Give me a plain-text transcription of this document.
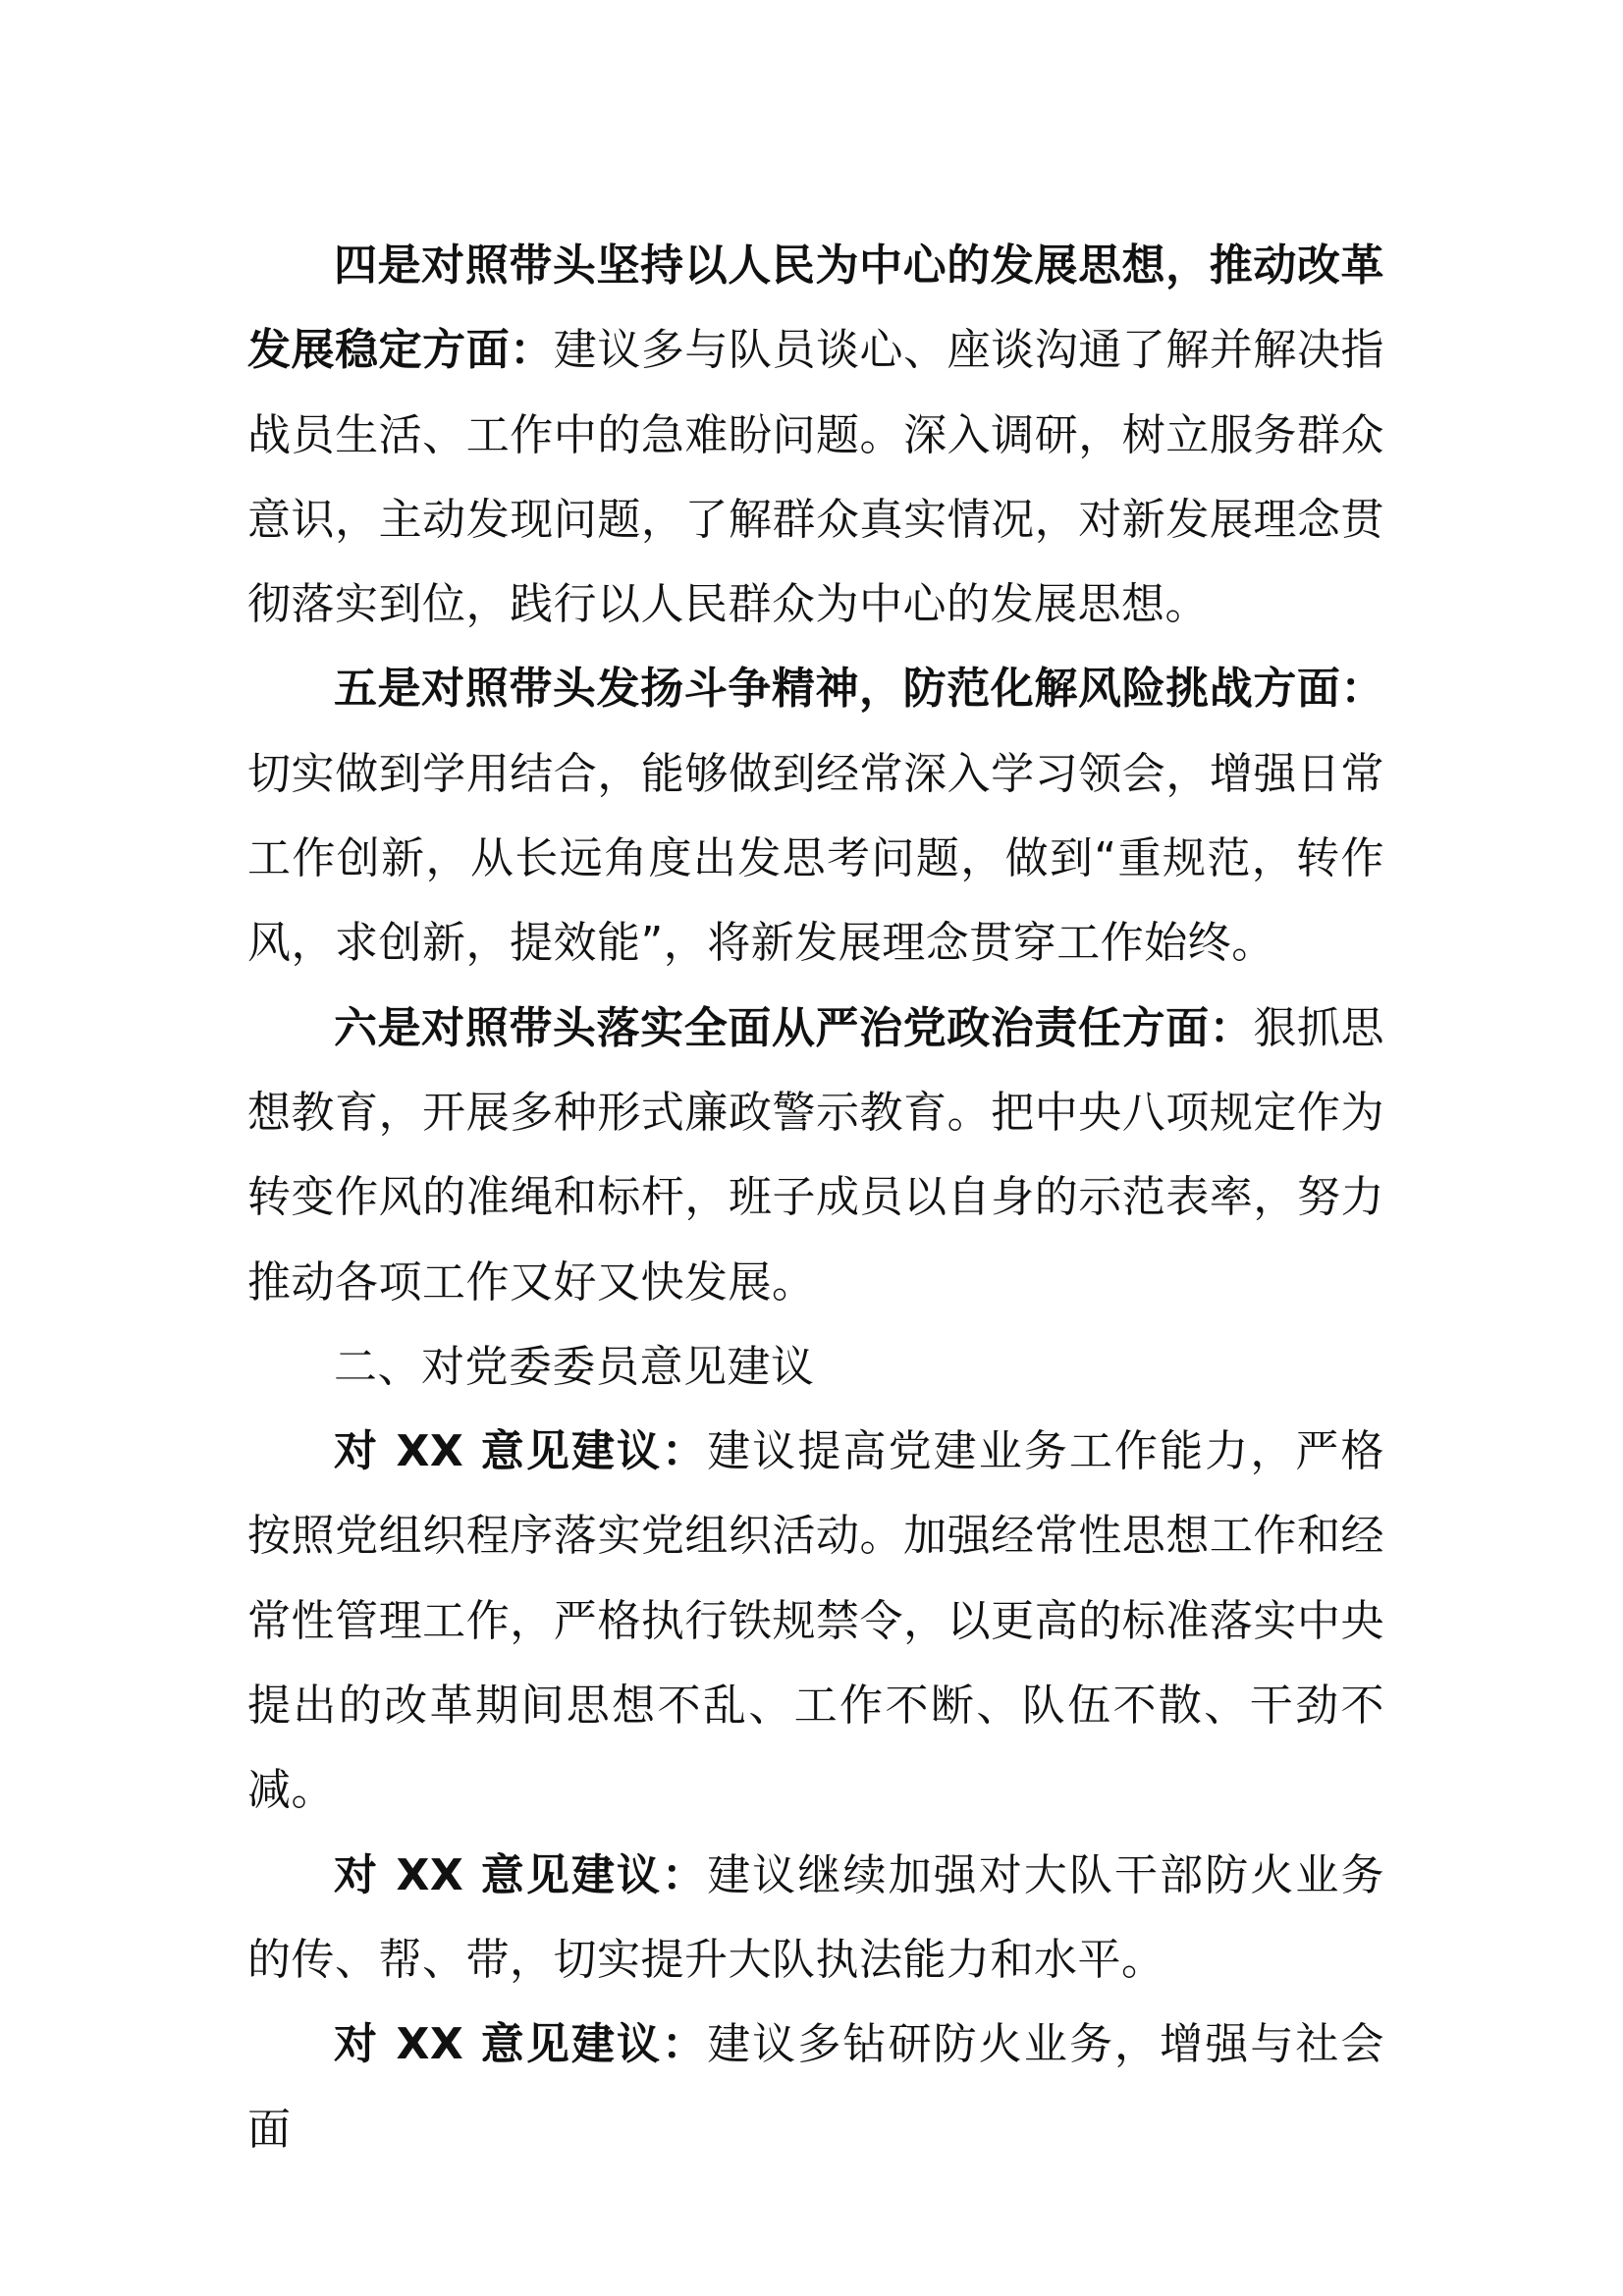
四是对照带头坚持以人民为中心的发展思想，推动改革发展稳定方面：建议多与队员谈心、座谈沟通了解并解决指战员生活、工作中的急难盼问题。深入调研，树立服务群众意识，主动发现问题，了解群众真实情况，对新发展理念贯彻落实到位，践行以人民群众为中心的发展思想。

五是对照带头发扬斗争精神，防范化解风险挑战方面：切实做到学用结合，能够做到经常深入学习领会，增强日常工作创新，从长远角度出发思考问题，做到“重规范，转作风，求创新，提效能”，将新发展理念贯穿工作始终。

六是对照带头落实全面从严治党政治责任方面：狠抓思想教育，开展多种形式廉政警示教育。把中央八项规定作为转变作风的准绳和标杆，班子成员以自身的示范表率，努力推动各项工作又好又快发展。

二、对党委委员意见建议

对 XX 意见建议：建议提高党建业务工作能力，严格按照党组织程序落实党组织活动。加强经常性思想工作和经常性管理工作，严格执行铁规禁令，以更高的标准落实中央提出的改革期间思想不乱、工作不断、队伍不散、干劲不减。

对 XX 意见建议：建议继续加强对大队干部防火业务的传、帮、带，切实提升大队执法能力和水平。

对 XX 意见建议：建议多钻研防火业务，增强与社会面
